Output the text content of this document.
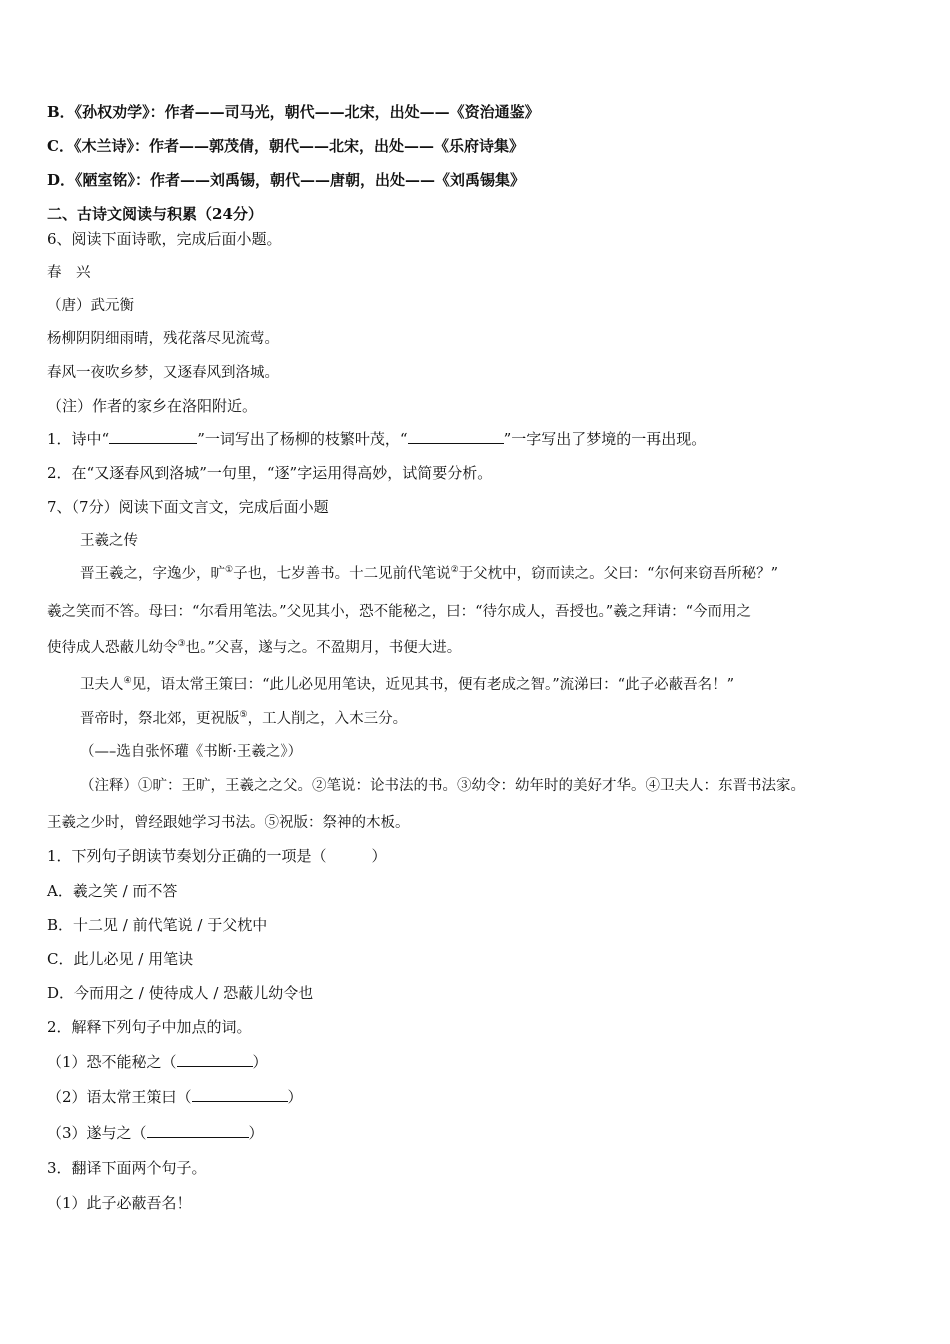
B．《孙权劝学》：作者——司马光，朝代——北宋，出处——《资治通鉴》
C．《木兰诗》：作者——郭茂倩，朝代——北宋，出处——《乐府诗集》
D．《陋室铭》：作者——刘禹锡，朝代——唐朝，出处——《刘禹锡集》
二、古诗文阅读与积累（24分）
6、阅读下面诗歌，完成后面小题。
春　兴
（唐）武元衡
杨柳阴阴细雨晴，残花落尽见流莺。
春风一夜吹乡梦，又逐春风到洛城。
（注）作者的家乡在洛阳附近。
1．诗中“	”一词写出了杨柳的枝繁叶茂，“	”一字写出了梦境的一再出现。
2．在“又逐春风到洛城”一句里，“逐”字运用得高妙，试简要分析。
7、（7分）阅读下面文言文，完成后面小题
王羲之传
晋王羲之，字逸少，旷①子也，七岁善书。十二见前代笔说②于父枕中，窃而读之。父曰：“尔何来窃吾所秘？”
羲之笑而不答。母曰：“尔看用笔法。”父见其小，恐不能秘之，曰：“待尔成人，吾授也。”羲之拜请：“今而用之
使待成人恐蔽儿幼令③也。”父喜，遂与之。不盈期月，书便大进。
卫夫人④见，语太常王策曰：“此儿必见用笔诀，近见其书，便有老成之智。”流涕曰：“此子必蔽吾名！”
晋帝时，祭北郊，更祝版⑤，工人削之，入木三分。
（—–选自张怀瓘《书断·王羲之》）
（注释）①旷：王旷，王羲之之父。②笔说：论书法的书。③幼令：幼年时的美好才华。④卫夫人：东晋书法家。
王羲之少时，曾经跟她学习书法。⑤祝版：祭神的木板。
1．下列句子朗读节奏划分正确的一项是（　　　）
A．羲之笑 / 而不答
B．十二见 / 前代笔说 / 于父枕中
C．此儿必见 / 用笔诀
D．今而用之 / 使待成人 / 恐蔽儿幼令也
2．解释下列句子中加点的词。
（1）恐不能秘之（	）
（2）语太常王策曰（	）
（3）遂与之（	）
3．翻译下面两个句子。
（1）此子必蔽吾名！
